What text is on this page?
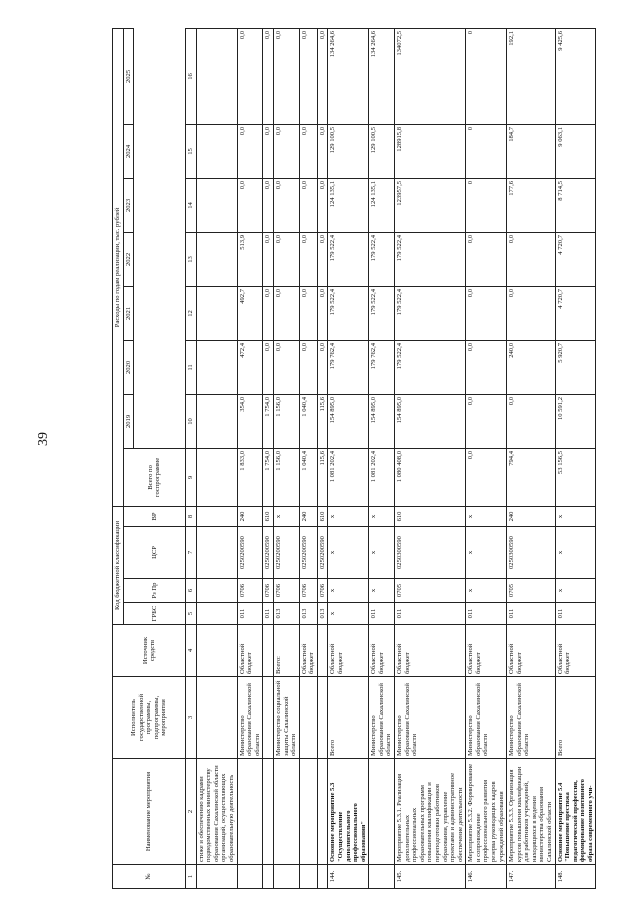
39
№	Наименование мероприятия	Исполнитель государственной программы, подпрограммы, мероприятия	Источник средств	Код бюджетной классификации				Расходы по годам реализации, тыс. рублей							
				ГРБС	Рз Пр	ЦСР	ВР	Всего по госпрограмме	2019	2020	2021	2022	2023	2024	2025

1	2	3	4	5	6	7	8	9	10	11	12	13	14	15	16
	стиже и обеспечению кадрами подведомственных министерству образования Сахалинской области организаций, осуществляющих образовательную деятельность														
		Министерство образования Сахалинской области	Областной бюджет	011	0706	0250200590	240	1 833,0	354,0	472,4	492,7	513,9	0,0	0,0	0,0
				011	0706	0250200590	610	1 754,0	1 754,0	0,0	0,0	0,0	0,0	0,0	0,0
		Министерство социальной защиты Сахалинской области	Всего:	013	0706	0250200590	х	1 156,0	1 156,0	0,0	0,0	0,0	0,0	0,0	0,0
			Областной бюджет	013	0706	0250200590	240	1 040,4	1 040,4	0,0	0,0	0,0	0,0	0,0	0,0
				013	0706	0250200590	610	115,6	115,6	0,0	0,0	0,0	0,0	0,0	0,0
144.	Основное мероприятие 5.3 "Осуществление дополнительного профессионального образования"	Всего	Областной бюджет	х	х	х	х	1 081 202,4	154 895,0	179 762,4	179 522,4	179 522,4	124 135,1	129 100,5	134 264,6
		Министерство образования Сахалинской области	Областной бюджет	011	х	х	х	1 081 202,4	154 895,0	179 762,4	179 522,4	179 522,4	124 135,1	129 100,5	134 264,6
145.	Мероприятие 5.3.1. Реализация дополнительных профессиональных образовательных программ повышения квалификации и переподготовки работников образования, управление проектами и административное обеспечение деятельности	Министерство образования Сахалинской области	Областной бюджет	011	0705	0250300590	610	1 080 408,0	154 895,0	179 522,4	179 522,4	179 522,4	123957,5	128915,8	134072,5
146.	Мероприятие 5.3.2. Формирование и сопровождение профессионального развития резерва руководящих кадров учреждений образования	Министерство образования Сахалинской области	Областной бюджет	011	х	х	х	0,0	0,0	0,0	0,0	0,0	0	0	0
147.	Мероприятие 5.3.3. Организация курсов повышения квалификации для работников учреждений, находящихся в ведении министерства образования Сахалинской области	Министерство образования Сахалинской области	Областной бюджет	011	0705	0250300590	240	794,4	0,0	240,0	0,0	0,0	177,6	184,7	192,1
148.	Основное мероприятие 5.4 "Повышение престижа педагогической профессии, формирование позитивного образа современного учи-	Всего	Областной бюджет	011	х	х	х	53 156,5	10 591,2	5 920,7	4 720,7	4 720,7	8 714,5	9 063,1	9 425,6
